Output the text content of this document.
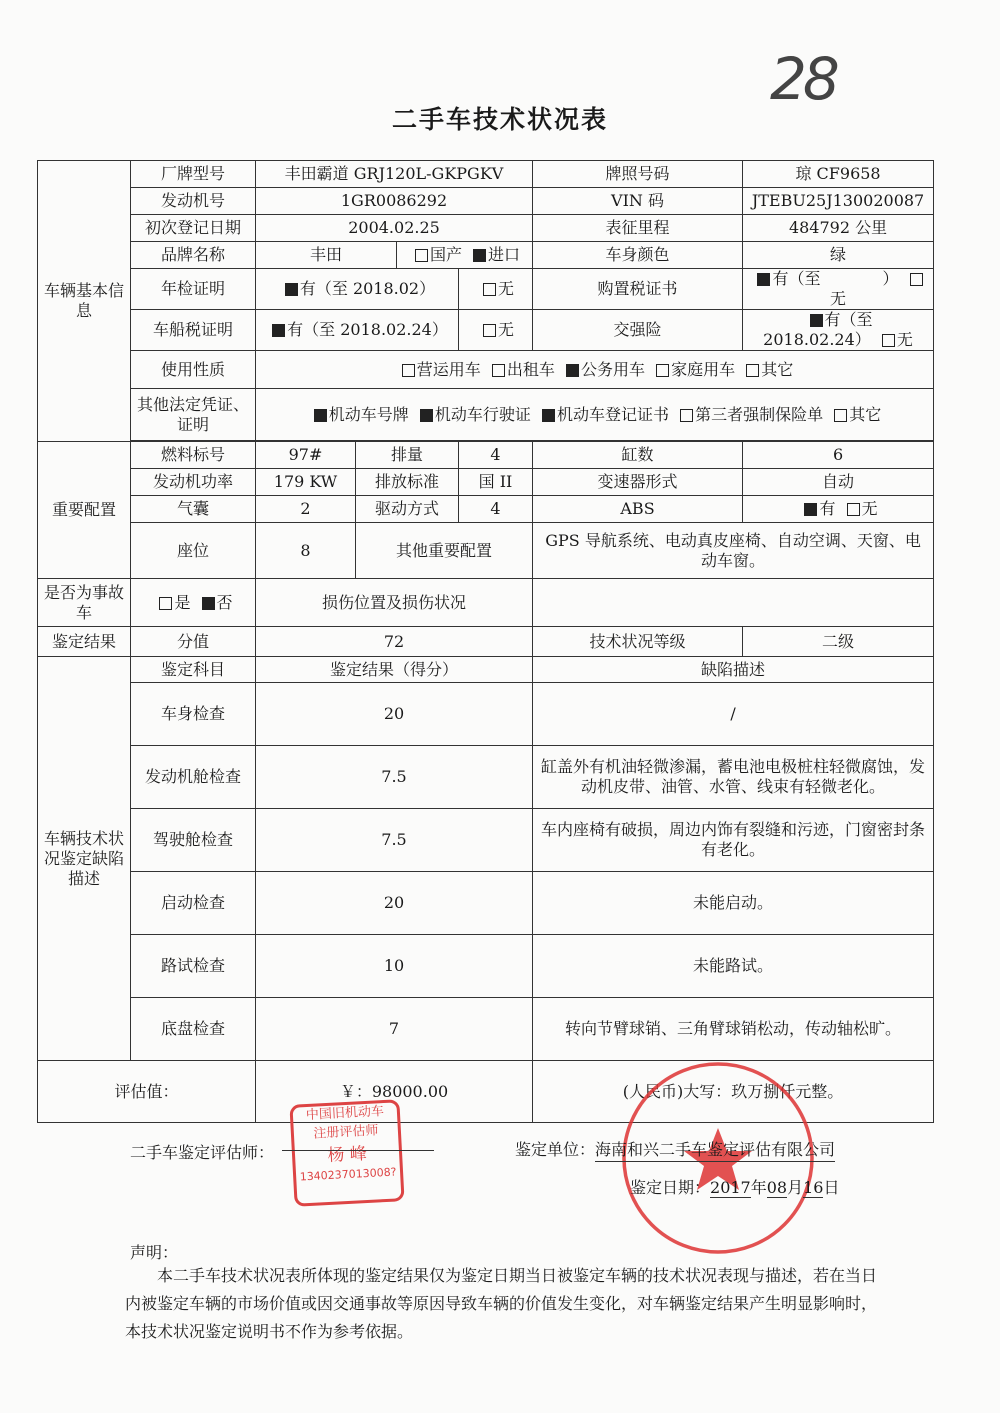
28
二手车技术状况表
车辆基本信息	厂牌型号	丰田霸道 GRJ120L-GKPGKV				牌照号码	琼 CF9658
	发动机号	1GR0086292				VIN 码	JTEBU25J130020087
	初次登记日期	2004.02.25				表征里程	484792 公里
	品牌名称	丰田		国产 进口		车身颜色	绿
	年检证明	有（至 2018.02）			无	购置税证书	有（至 ） 无
	车船税证明	有（至 2018.02.24）			无	交强险	有（至 2018.02.24） 无
	使用性质	营运用车 出租车 公务用车 家庭用车 其它					
	其他法定凭证、证明	机动车号牌 机动车行驶证 机动车登记证书 第三者强制保险单 其它					

重要配置	燃料标号	97#	排量		4	缸数	6
	发动机功率	179 KW	排放标准		国 II	变速器形式	自动
	气囊	2	驱动方式		4	ABS	有 无
	座位	8	其他重要配置			GPS 导航系统、电动真皮座椅、自动空调、天窗、电动车窗。	
是否为事故车	是 否	损伤位置及损伤状况					
鉴定结果	分值	72				技术状况等级	二级
车辆技术状况鉴定缺陷描述	鉴定科目	鉴定结果（得分）				缺陷描述	
	车身检查	20				/	
	发动机舱检查	7.5				缸盖外有机油轻微渗漏，蓄电池电极桩柱轻微腐蚀，发动机皮带、油管、水管、线束有轻微老化。	
	驾驶舱检查	7.5				车内座椅有破损，周边内饰有裂缝和污迹，门窗密封条有老化。	
	启动检查	20				未能启动。	
	路试检查	10				未能路试。	
	底盘检查	7				转向节臂球销、三角臂球销松动，传动轴松旷。	
评估值：		￥：98000.00				(人民币)大写：玖万捌仟元整。	
中国旧机动车
注册评估师
杨 峰
1340237013008?
二手车鉴定评估师：	鉴定单位：海南和兴二手车鉴定评估有限公司
鉴定日期：2017年08月16日
声明：
本二手车技术状况表所体现的鉴定结果仅为鉴定日期当日被鉴定车辆的技术状况表现与描述，若在当日内被鉴定车辆的市场价值或因交通事故等原因导致车辆的价值发生变化，对车辆鉴定结果产生明显影响时，本技术状况鉴定说明书不作为参考依据。
